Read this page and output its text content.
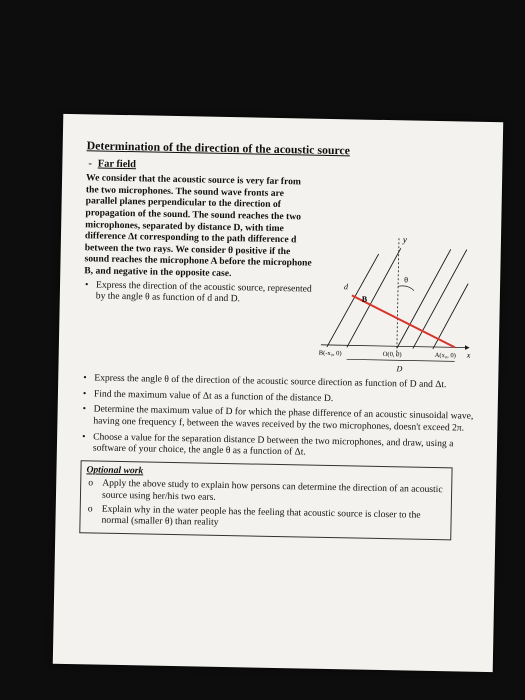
Determination of the direction of the acoustic source
- Far field

We consider that the acoustic source is very far from the two microphones. The sound wave fronts are parallel planes perpendicular to the direction of propagation of the sound. The sound reaches the two microphones, separated by distance D, with time difference Δt corresponding to the path difference d between the two rays. We consider θ positive if the sound reaches the microphone A before the microphone B, and negative in the opposite case.

• Express the direction of the acoustic source, represented by the angle θ as function of d and D.
y
θ
d
B
x
B(-x₀, 0)	O(0, 0)	A(x₀, 0)
D
• Express the angle θ of the direction of the acoustic source direction as function of D and Δt.
• Find the maximum value of Δt as a function of the distance D.
• Determine the maximum value of D for which the phase difference of an acoustic sinusoidal wave, having one frequency f, between the waves received by the two microphones, doesn't exceed 2π.
• Choose a value for the separation distance D between the two microphones, and draw, using a software of your choice, the angle θ as a function of Δt.
Optional work
o Apply the above study to explain how persons can determine the direction of an acoustic source using her/his two ears.
o Explain why in the water people has the feeling that acoustic source is closer to the normal (smaller θ) than reality
